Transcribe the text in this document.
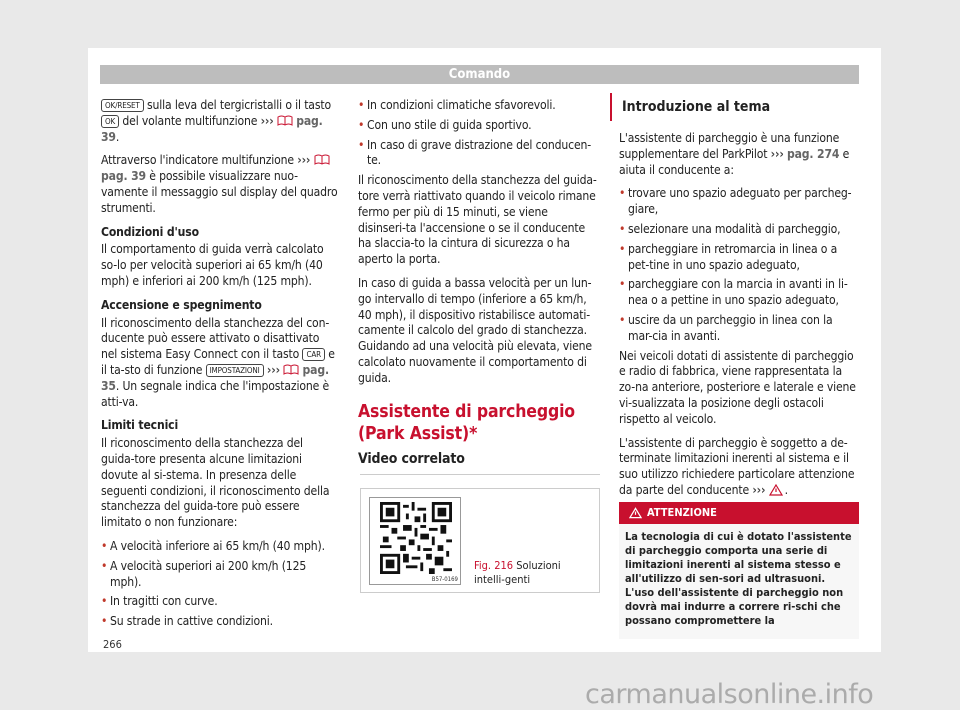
Comando

OK/RESET sulla leva del tergicristalli o il tasto OK del volante multifunzione ››› pag. 39.

Attraverso l'indicatore multifunzione ›››
pag. 39 è possibile visualizzare nuo-vamente il messaggio sul display del quadro strumenti.

Condizioni d'uso

Il comportamento di guida verrà calcolato so-lo per velocità superiori ai 65 km/h (40 mph) e inferiori ai 200 km/h (125 mph).

Accensione e spegnimento

Il riconoscimento della stanchezza del con-ducente può essere attivato o disattivato nel sistema Easy Connect con il tasto CAR e il ta-sto di funzione IMPOSTAZIONI ››› pag. 35. Un segnale indica che l'impostazione è atti-va.

Limiti tecnici

Il riconoscimento della stanchezza del guida-tore presenta alcune limitazioni dovute al si-stema. In presenza delle seguenti condizioni, il riconoscimento della stanchezza del guida-tore può essere limitato o non funzionare:

• A velocità inferiore ai 65 km/h (40 mph).

• A velocità superiori ai 200 km/h (125 mph).

• In tragitti con curve.

• Su strade in cattive condizioni.

• In condizioni climatiche sfavorevoli.

• Con uno stile di guida sportivo.

• In caso di grave distrazione del conducen-te.

Il riconoscimento della stanchezza del guida-tore verrà riattivato quando il veicolo rimane fermo per più di 15 minuti, se viene disinseri-ta l'accensione o se il conducente ha slaccia-to la cintura di sicurezza o ha aperto la porta.

In caso di guida a bassa velocità per un lun-go intervallo di tempo (inferiore a 65 km/h, 40 mph), il dispositivo ristabilisce automati-camente il calcolo del grado di stanchezza. Guidando ad una velocità più elevata, viene calcolato nuovamente il comportamento di guida.

Assistente di parcheggio (Park Assist)*

Video correlato

B57-0169
Fig. 216 Soluzioni intelli-genti
Introduzione al tema

L'assistente di parcheggio è una funzione supplementare del ParkPilot ››› pag. 274 e aiuta il conducente a:

• trovare uno spazio adeguato per parcheg-giare,

• selezionare una modalità di parcheggio,

• parcheggiare in retromarcia in linea o a pet-tine in uno spazio adeguato,

• parcheggiare con la marcia in avanti in li-nea o a pettine in uno spazio adeguato,

• uscire da un parcheggio in linea con la mar-cia in avanti.

Nei veicoli dotati di assistente di parcheggio e radio di fabbrica, viene rappresentata la zo-na anteriore, posteriore e laterale e viene vi-sualizzata la posizione degli ostacoli rispetto al veicolo.

L'assistente di parcheggio è soggetto a de-terminate limitazioni inerenti al sistema e il suo utilizzo richiedere particolare attenzione da parte del conducente ››› .

ATTENZIONE
La tecnologia di cui è dotato l'assistente di parcheggio comporta una serie di limitazioni inerenti al sistema stesso e all'utilizzo di sen-sori ad ultrasuoni. L'uso dell'assistente di parcheggio non dovrà mai indurre a correre ri-schi che possano compromettere la
266
carmanualsonline.info
